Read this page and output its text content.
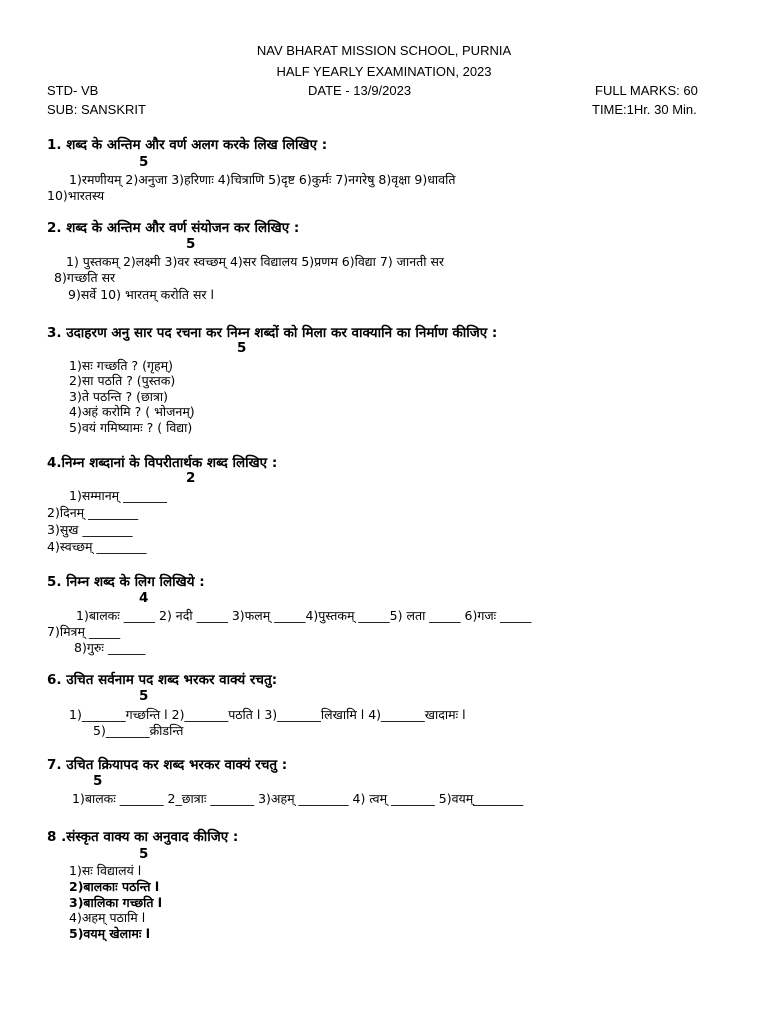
NAV BHARAT MISSION SCHOOL, PURNIA
HALF YEARLY EXAMINATION, 2023
STD- VB	DATE - 13/9/2023	FULL MARKS: 60
SUB: SANSKRIT	TIME:1Hr. 30 Min.
1. शब्द के अन्तिम और वर्ण अलग करके लिख लिखिए :
5
1)रमणीयम् 2)अनुजा 3)हरिणाः 4)चित्राणि 5)दृष्ट 6)कुर्मः 7)नगरेषु 8)वृक्षा 9)धावति
10)भारतस्य
2. शब्द के अन्तिम और वर्ण संयोजन कर लिखिए :
5
1) पुस्तकम् 2)लक्ष्मी 3)वर स्वच्छम् 4)सर विद्यालय 5)प्रणम 6)विद्या 7) जानती सर
8)गच्छति सर
9)सर्वे 10) भारतम् करोति सर l
3. उदाहरण अनु सार पद रचना कर निम्न शब्दों को मिला कर वाक्यानि का निर्माण कीजिए :
5
1)सः गच्छति ? (गृहम्)
2)सा पठति ? (पुस्तक)
3)ते पठन्ति ? (छात्रा)
4)अहं करोमि ? ( भोजनम्)
5)वयं गमिष्यामः ? ( विद्या)
4.निम्न शब्दानां के विपरीतार्थक शब्द लिखिए :
2
1)सम्मानम् _______
2)दिनम् ________
3)सुख ________
4)स्वच्छम् ________
5. निम्न शब्द के लिग लिखिये :
4
1)बालकः _____ 2) नदी _____ 3)फलम् _____4)पुस्तकम् _____5) लता _____ 6)गजः _____
7)मित्रम् _____
8)गुरुः ______
6. उचित सर्वनाम पद शब्द भरकर वाक्यं रचतु:
5
1)_______गच्छन्ति l 2)_______पठति l 3)_______लिखामि l 4)_______खादामः l
5)_______क्रीडन्ति
7. उचित क्रियापद कर शब्द भरकर वाक्यं रचतु :
5
1)बालकः _______ 2_छात्राः _______ 3)अहम् ________ 4) त्वम् _______ 5)वयम्________
8 .संस्कृत वाक्य का अनुवाद कीजिए :
5
1)सः विद्यालयं l
2)बालकाः पठन्ति l
3)बालिका गच्छति l
4)अहम् पठामि l
5)वयम् खेलामः l
